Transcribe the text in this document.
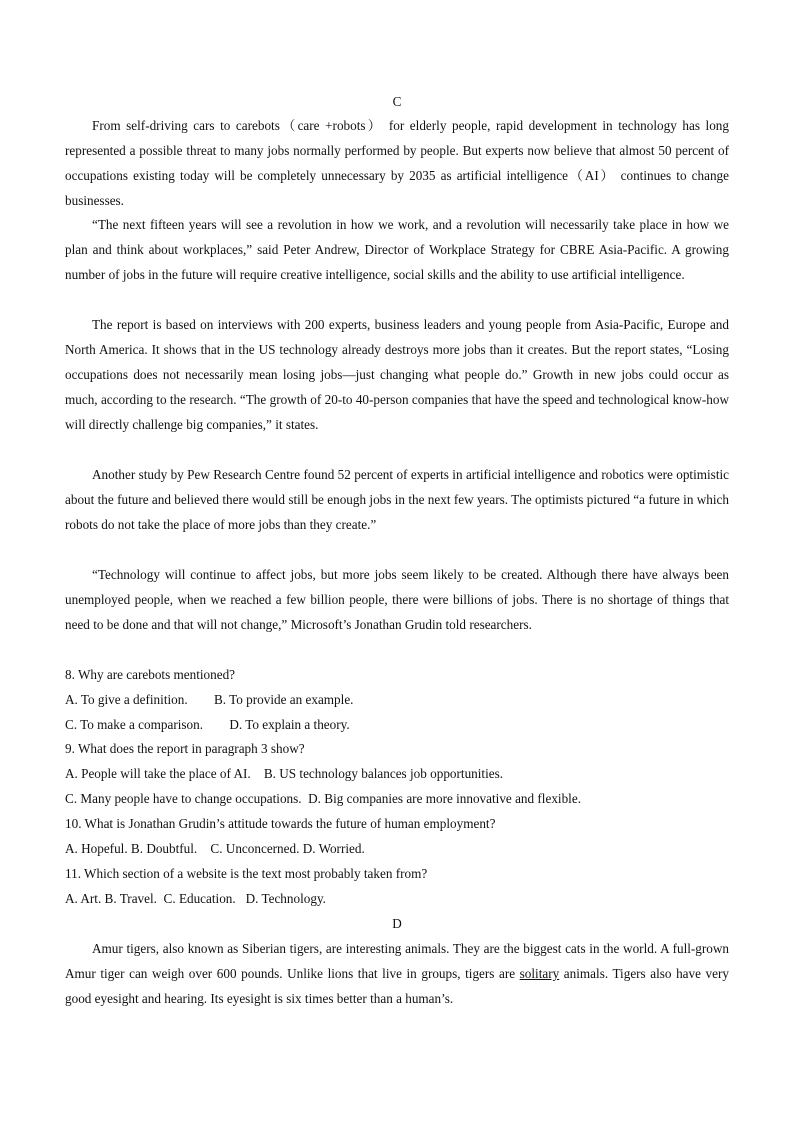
C
From self-driving cars to carebots（care +robots） for elderly people, rapid development in technology has long represented a possible threat to many jobs normally performed by people. But experts now believe that almost 50 percent of occupations existing today will be completely unnecessary by 2035 as artificial intelligence（AI） continues to change businesses.
“The next fifteen years will see a revolution in how we work, and a revolution will necessarily take place in how we plan and think about workplaces,” said Peter Andrew, Director of Workplace Strategy for CBRE Asia-Pacific. A growing number of jobs in the future will require creative intelligence, social skills and the ability to use artificial intelligence.
The report is based on interviews with 200 experts, business leaders and young people from Asia-Pacific, Europe and North America. It shows that in the US technology already destroys more jobs than it creates. But the report states, “Losing occupations does not necessarily mean losing jobs—just changing what people do.” Growth in new jobs could occur as much, according to the research. “The growth of 20-to 40-person companies that have the speed and technological know-how will directly challenge big companies,” it states.
Another study by Pew Research Centre found 52 percent of experts in artificial intelligence and robotics were optimistic about the future and believed there would still be enough jobs in the next few years. The optimists pictured “a future in which robots do not take the place of more jobs than they create.”
“Technology will continue to affect jobs, but more jobs seem likely to be created. Although there have always been unemployed people, when we reached a few billion people, there were billions of jobs. There is no shortage of things that need to be done and that will not change,” Microsoft’s Jonathan Grudin told researchers.
8. Why are carebots mentioned?
A. To give a definition.        B. To provide an example.
C. To make a comparison.        D. To explain a theory.
9. What does the report in paragraph 3 show?
A. People will take the place of AI.    B. US technology balances job opportunities.
C. Many people have to change occupations.  D. Big companies are more innovative and flexible.
10. What is Jonathan Grudin’s attitude towards the future of human employment?
A. Hopeful. B. Doubtful.    C. Unconcerned. D. Worried.
11. Which section of a website is the text most probably taken from?
A. Art. B. Travel.  C. Education.   D. Technology.
D
Amur tigers, also known as Siberian tigers, are interesting animals. They are the biggest cats in the world. A full-grown Amur tiger can weigh over 600 pounds. Unlike lions that live in groups, tigers are solitary animals. Tigers also have very good eyesight and hearing. Its eyesight is six times better than a human’s.
